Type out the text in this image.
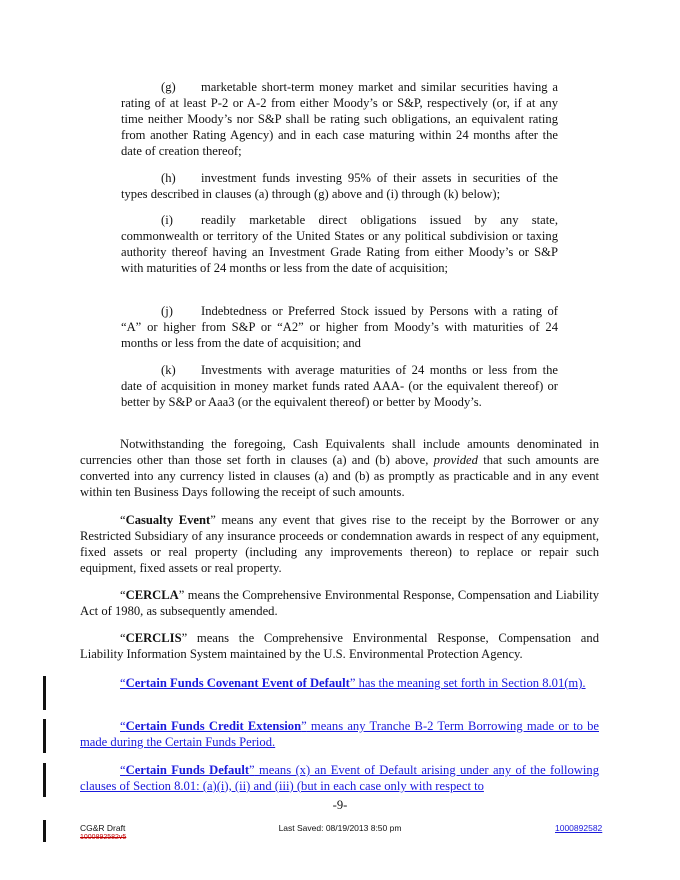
(g) marketable short-term money market and similar securities having a rating of at least P-2 or A-2 from either Moody’s or S&P, respectively (or, if at any time neither Moody’s nor S&P shall be rating such obligations, an equivalent rating from another Rating Agency) and in each case maturing within 24 months after the date of creation thereof;

(h) investment funds investing 95% of their assets in securities of the types described in clauses (a) through (g) above and (i) through (k) below);

(i) readily marketable direct obligations issued by any state, commonwealth or territory of the United States or any political subdivision or taxing authority thereof having an Investment Grade Rating from either Moody’s or S&P with maturities of 24 months or less from the date of acquisition;

(j) Indebtedness or Preferred Stock issued by Persons with a rating of “A” or higher from S&P or “A2” or higher from Moody’s with maturities of 24 months or less from the date of acquisition; and

(k) Investments with average maturities of 24 months or less from the date of acquisition in money market funds rated AAA- (or the equivalent thereof) or better by S&P or Aaa3 (or the equivalent thereof) or better by Moody’s.

Notwithstanding the foregoing, Cash Equivalents shall include amounts denominated in currencies other than those set forth in clauses (a) and (b) above, provided that such amounts are converted into any currency listed in clauses (a) and (b) as promptly as practicable and in any event within ten Business Days following the receipt of such amounts.

“Casualty Event” means any event that gives rise to the receipt by the Borrower or any Restricted Subsidiary of any insurance proceeds or condemnation awards in respect of any equipment, fixed assets or real property (including any improvements thereon) to replace or repair such equipment, fixed assets or real property.

“CERCLA” means the Comprehensive Environmental Response, Compensation and Liability Act of 1980, as subsequently amended.

“CERCLIS” means the Comprehensive Environmental Response, Compensation and Liability Information System maintained by the U.S. Environmental Protection Agency.

“Certain Funds Covenant Event of Default” has the meaning set forth in Section 8.01(m).

“Certain Funds Credit Extension” means any Tranche B-2 Term Borrowing made or to be made during the Certain Funds Period.

“Certain Funds Default” means (x) an Event of Default arising under any of the following clauses of Section 8.01: (a)(i), (ii) and (iii) (but in each case only with respect to

-9-
CG&R Draft
1000892582v5
Last Saved: 08/19/2013 8:50 pm	1000892582
